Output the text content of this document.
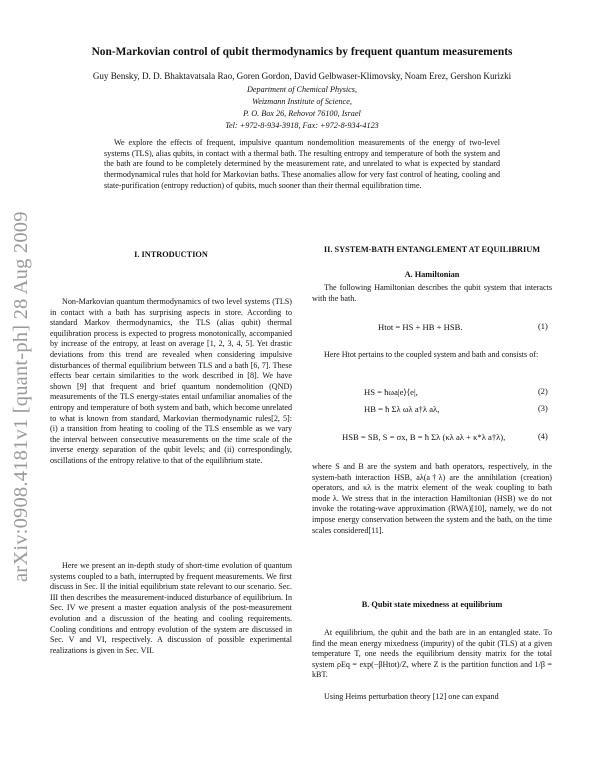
arXiv:0908.4181v1 [quant-ph] 28 Aug 2009
Non-Markovian control of qubit thermodynamics by frequent quantum measurements
Guy Bensky, D. D. Bhaktavatsala Rao, Goren Gordon, David Gelbwaser-Klimovsky, Noam Erez, Gershon Kurizki
Department of Chemical Physics,
Weizmann Institute of Science,
P. O. Box 26, Rehovot 76100, Israel
Tel: +972-8-934-3918, Fax: +972-8-934-4123
We explore the effects of frequent, impulsive quantum nondemolition measurements of the energy of two-level systems (TLS), alias qubits, in contact with a thermal bath. The resulting entropy and temperature of both the system and the bath are found to be completely determined by the measurement rate, and unrelated to what is expected by standard thermodynamical rules that hold for Markovian baths. These anomalies allow for very fast control of heating, cooling and state-purification (entropy reduction) of qubits, much sooner than their thermal equilibration time.
I. INTRODUCTION

Non-Markovian quantum thermodynamics of two level systems (TLS) in contact with a bath has surprising aspects in store. According to standard Markov thermodynamics, the TLS (alias qubit) thermal equilibration process is expected to progress monotonically, accompanied by increase of the entropy, at least on average [1, 2, 3, 4, 5]. Yet drastic deviations from this trend are revealed when considering impulsive disturbances of thermal equilibrium between TLS and a bath [6, 7]. These effects bear certain similarities to the work described in [8]. We have shown [9] that frequent and brief quantum nondemolition (QND) measurements of the TLS energy-states entail unfamiliar anomalies of the entropy and temperature of both system and bath, which become unrelated to what is known from standard, Markovian thermodynamic rules[2, 5]: (i) a transition from heating to cooling of the TLS ensemble as we vary the interval between consecutive measurements on the time scale of the inverse energy separation of the qubit levels; and (ii) correspondingly, oscillations of the entropy relative to that of the equilibrium state.

Here we present an in-depth study of short-time evolution of quantum systems coupled to a bath, interrupted by frequent measurements. We first discuss in Sec. II the initial equilibrium state relevant to our scenario. Sec. III then describes the measurement-induced disturbance of equilibrium. In Sec. IV we present a master equation analysis of the post-measurement evolution and a discussion of the heating and cooling requirements. Cooling conditions and entropy evolution of the system are discussed in Sec. V and VI, respectively. A discussion of possible experimental realizations is given in Sec. VII.

II. SYSTEM-BATH ENTANGLEMENT AT EQUILIBRIUM
A. Hamiltonian

The following Hamiltonian describes the qubit system that interacts with the bath.

Htot = HS + HB + HSB.	(1)

Here Htot pertains to the coupled system and bath and consists of:

HS = ħωa|e⟩⟨e|,	(2)
HB = ħ Σλ ωλ a†λ aλ,	(3)
HSB = SB, S = σx, B = ħ Σλ (κλ aλ + κ*λ a†λ),	(4)

where S and B are the system and bath operators, respectively, in the system-bath interaction HSB, aλ(a†λ) are the annihilation (creation) operators, and κλ is the matrix element of the weak coupling to bath mode λ. We stress that in the interaction Hamiltonian (HSB) we do not invoke the rotating-wave approximation (RWA)[10], namely, we do not impose energy conservation between the system and the bath, on the time scales considered[11].

B. Qubit state mixedness at equilibrium

At equilibrium, the qubit and the bath are in an entangled state. To find the mean energy mixedness (impurity) of the qubit (TLS) at a given temperature T, one needs the equilibrium density matrix for the total system ρEq = exp(−βHtot)/Z, where Z is the partition function and 1/β = kBT.

Using Heims perturbation theory [12] one can expand
